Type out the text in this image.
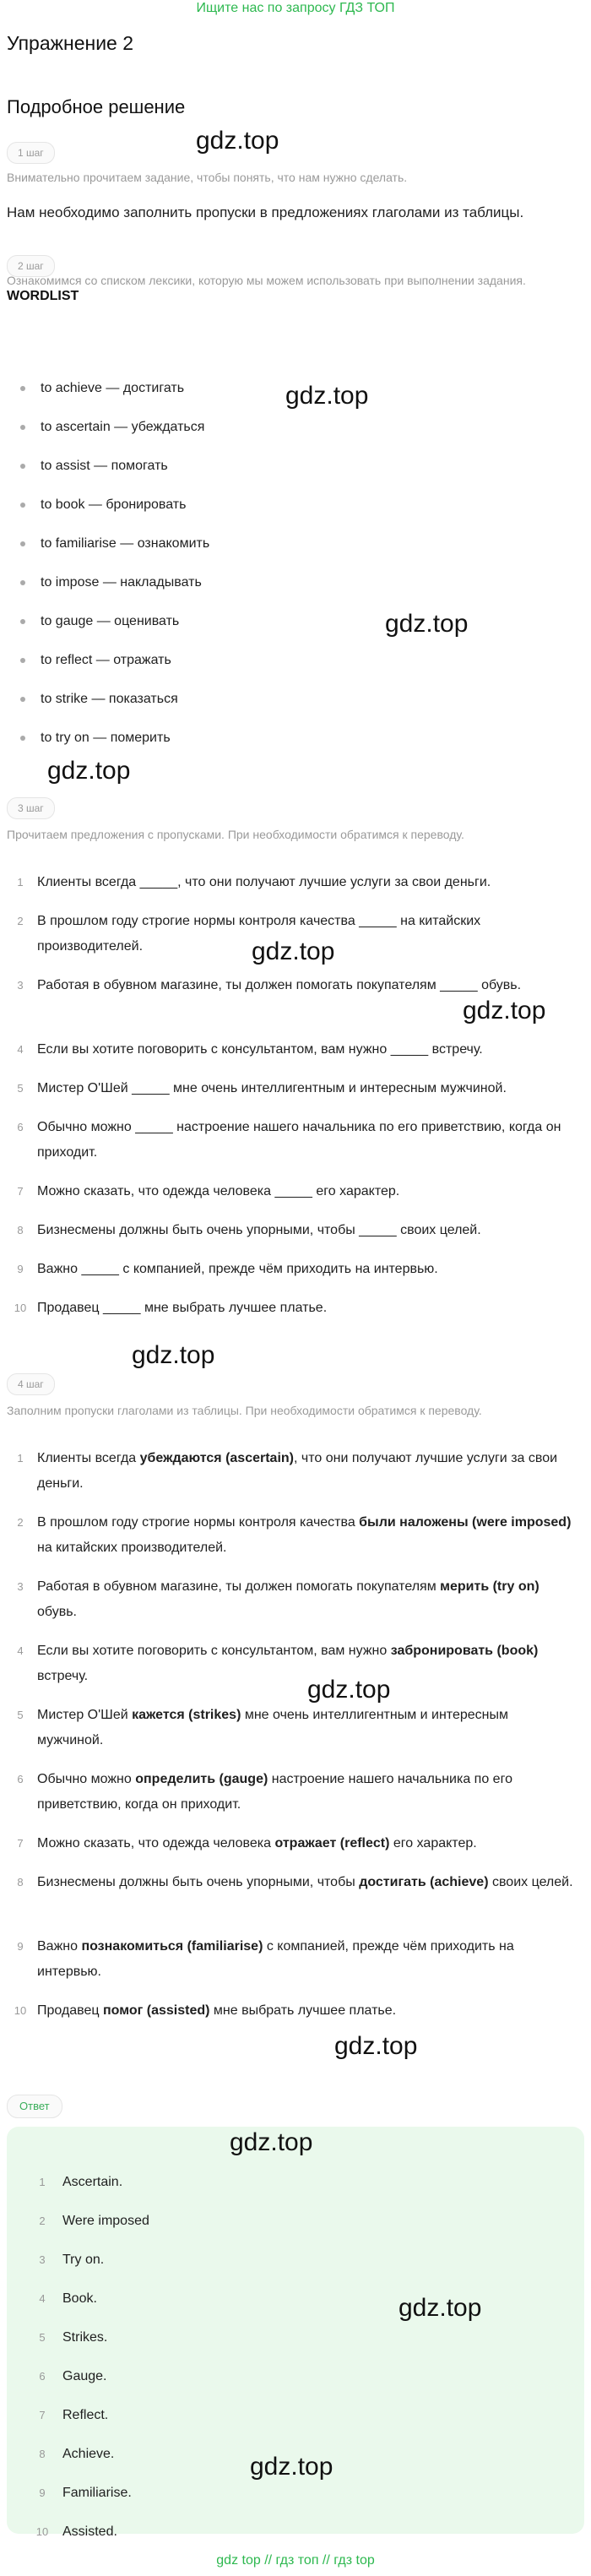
Ищите нас по запросу ГДЗ ТОП
Упражнение 2
Подробное решение
1 шаг
Внимательно прочитаем задание, чтобы понять, что нам нужно сделать.
Нам необходимо заполнить пропуски в предложениях глаголами из таблицы.
2 шаг
Ознакомимся со списком лексики, которую мы можем использовать при выполнении задания.
WORDLIST
to achieve — достигать
to ascertain — убеждаться
to assist — помогать
to book — бронировать
to familiarise — ознакомить
to impose — накладывать
to gauge — оценивать
to reflect — отражать
to strike — показаться
to try on — померить
3 шаг
Прочитаем предложения с пропусками. При необходимости обратимся к переводу.
1	Клиенты всегда _____, что они получают лучшие услуги за свои деньги.
2	В прошлом году строгие нормы контроля качества _____ на китайских производителей.
3	Работая в обувном магазине, ты должен помогать покупателям _____ обувь.
4	Если вы хотите поговорить с консультантом, вам нужно _____ встречу.
5	Мистер О'Шей _____ мне очень интеллигентным и интересным мужчиной.
6	Обычно можно _____ настроение нашего начальника по его приветствию, когда он приходит.
7	Можно сказать, что одежда человека _____ его характер.
8	Бизнесмены должны быть очень упорными, чтобы _____ своих целей.
9	Важно _____ с компанией, прежде чём приходить на интервью.
10 Продавец _____ мне выбрать лучшее платье.
4 шаг
Заполним пропуски глаголами из таблицы. При необходимости обратимся к переводу.
1	Клиенты всегда убеждаются (ascertain), что они получают лучшие услуги за свои деньги.
2	В прошлом году строгие нормы контроля качества были наложены (were imposed) на китайских производителей.
3	Работая в обувном магазине, ты должен помогать покупателям мерить (try on) обувь.
4	Если вы хотите поговорить с консультантом, вам нужно забронировать (book) встречу.
5	Мистер О'Шей кажется (strikes) мне очень интеллигентным и интересным мужчиной.
6	Обычно можно определить (gauge) настроение нашего начальника по его приветствию, когда он приходит.
7	Можно сказать, что одежда человека отражает (reflect) его характер.
8	Бизнесмены должны быть очень упорными, чтобы достигать (achieve) своих целей.
9	Важно познакомиться (familiarise) с компанией, прежде чём приходить на интервью.
10 Продавец помог (assisted) мне выбрать лучшее платье.
Ответ
1 Ascertain.
2 Were imposed
3 Try on.
4 Book.
5 Strikes.
6 Gauge.
7 Reflect.
8 Achieve.
9 Familiarise.
10 Assisted.
gdz.top
gdz.top
gdz.top
gdz.top
gdz.top
gdz.top
gdz.top
gdz.top
gdz.top
gdz.top
gdz.top
gdz.top
gdz top // гдз топ // гдз top
